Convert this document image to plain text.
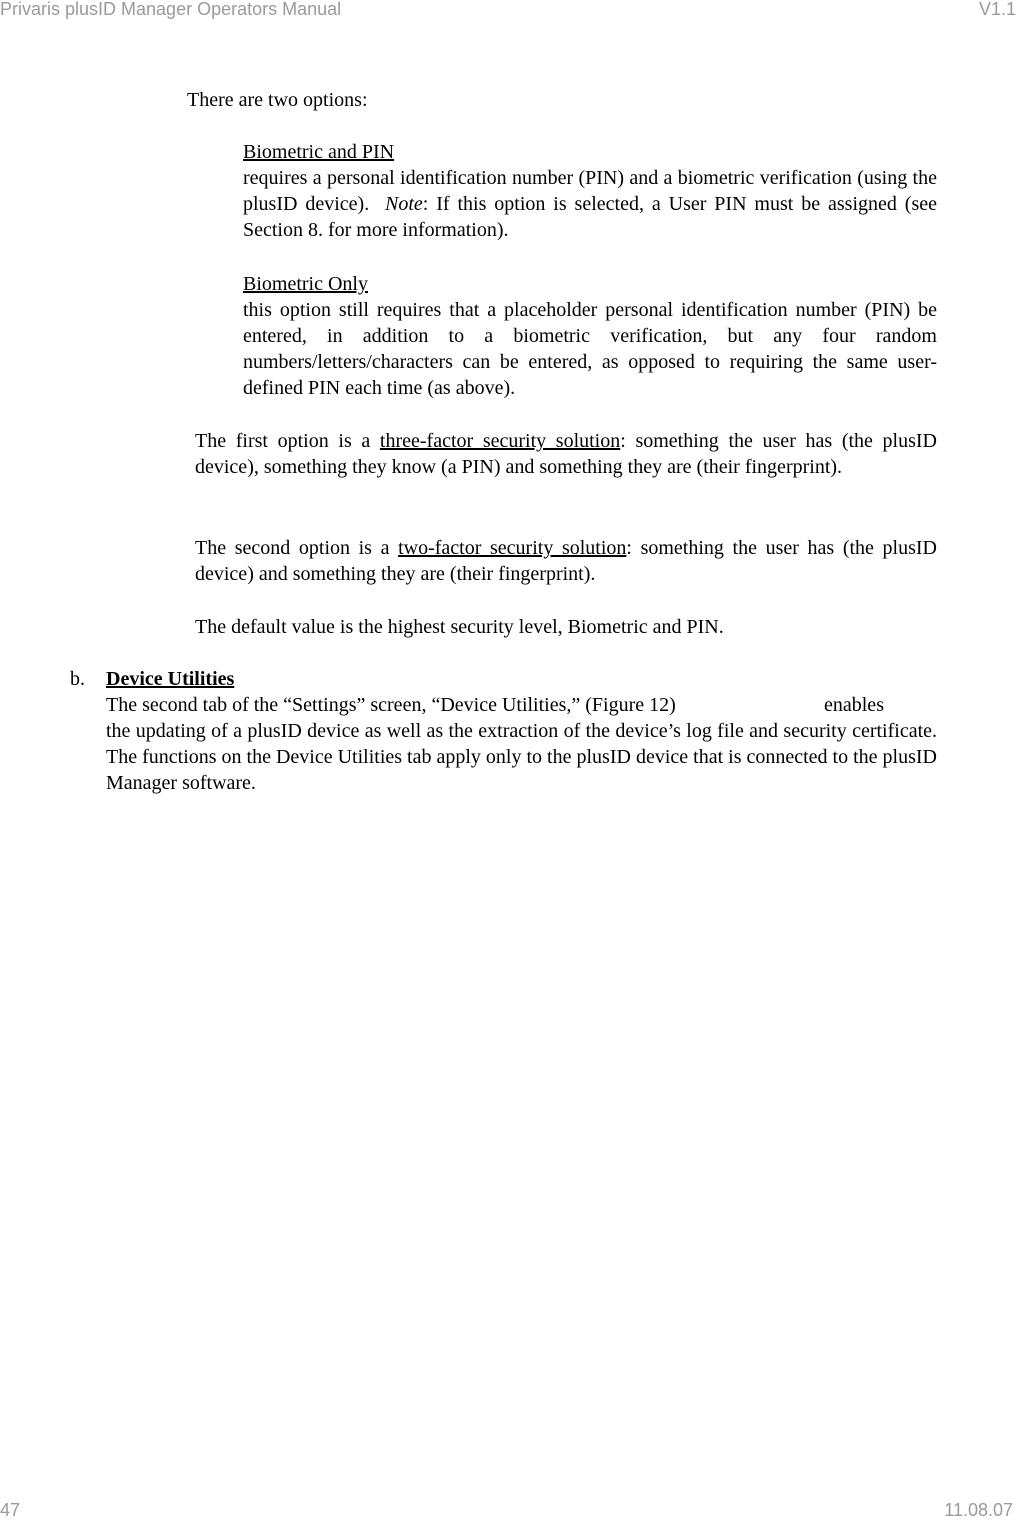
Privaris plusID Manager Operators Manual	V1.1
There are two options:
Biometric and PIN
requires a personal identification number (PIN) and a biometric verification (using the plusID device). Note: If this option is selected, a User PIN must be assigned (see Section 8. for more information).
Biometric Only
this option still requires that a placeholder personal identification number (PIN) be entered, in addition to a biometric verification, but any four random numbers/letters/characters can be entered, as opposed to requiring the same user-defined PIN each time (as above).
The first option is a three-factor security solution: something the user has (the plusID device), something they know (a PIN) and something they are (their fingerprint).
The second option is a two-factor security solution: something the user has (the plusID device) and something they are (their fingerprint).
The default value is the highest security level, Biometric and PIN.
b. Device Utilities
The second tab of the “Settings” screen, “Device Utilities,” (Figure 12)	enables
the updating of a plusID device as well as the extraction of the device’s log file and security certificate. The functions on the Device Utilities tab apply only to the plusID device that is connected to the plusID Manager software.
47	11.08.07
